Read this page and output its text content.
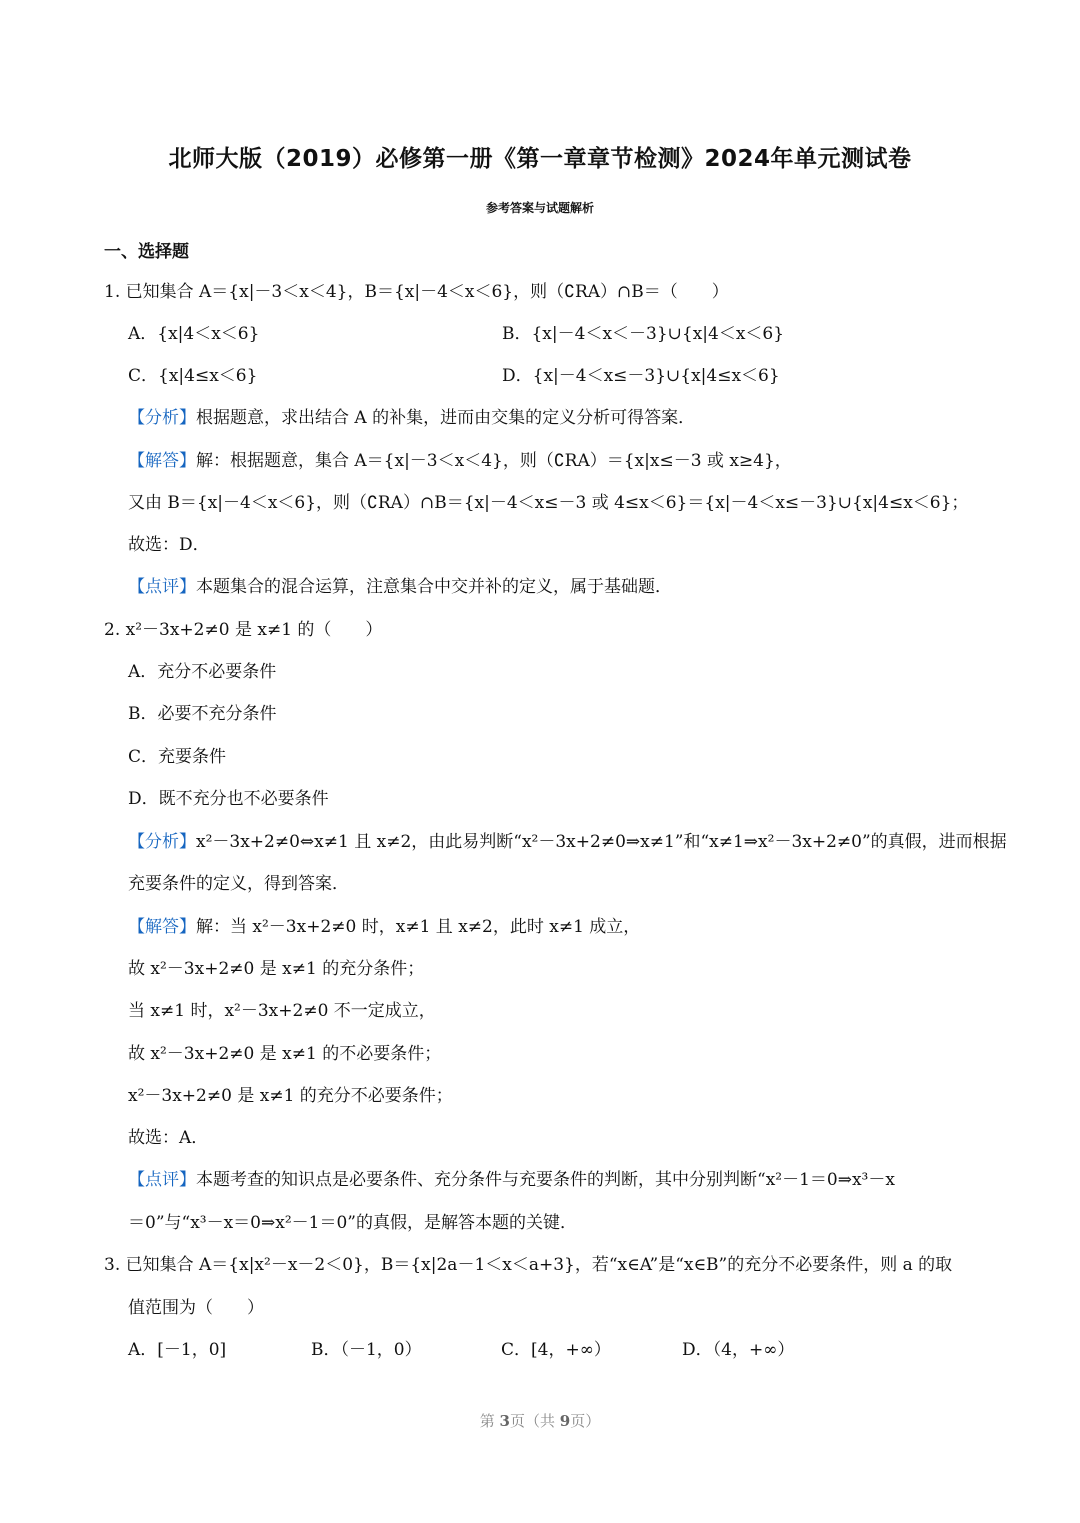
北师大版（2019）必修第一册《第一章章节检测》2024年单元测试卷
参考答案与试题解析
一、选择题
1. 已知集合 A＝{x|－3＜x＜4}，B＝{x|－4＜x＜6}，则（∁RA）∩B＝（　　）
A．{x|4＜x＜6}	B．{x|－4＜x＜－3}∪{x|4＜x＜6}
C．{x|4≤x＜6}	D．{x|－4＜x≤－3}∪{x|4≤x＜6}
【分析】根据题意，求出结合 A 的补集，进而由交集的定义分析可得答案．
【解答】解：根据题意，集合 A＝{x|－3＜x＜4}，则（∁RA）＝{x|x≤－3 或 x≥4}，
又由 B＝{x|－4＜x＜6}，则（∁RA）∩B＝{x|－4＜x≤－3 或 4≤x＜6}＝{x|－4＜x≤－3}∪{x|4≤x＜6}；
故选：D．
【点评】本题集合的混合运算，注意集合中交并补的定义，属于基础题．
2. x²－3x+2≠0 是 x≠1 的（　　）
A．充分不必要条件
B．必要不充分条件
C．充要条件
D．既不充分也不必要条件
【分析】x²－3x+2≠0⇔x≠1 且 x≠2，由此易判断“x²－3x+2≠0⇒x≠1”和“x≠1⇒x²－3x+2≠0”的真假，进而根据
充要条件的定义，得到答案．
【解答】解：当 x²－3x+2≠0 时，x≠1 且 x≠2，此时 x≠1 成立，
故 x²－3x+2≠0 是 x≠1 的充分条件；
当 x≠1 时，x²－3x+2≠0 不一定成立，
故 x²－3x+2≠0 是 x≠1 的不必要条件；
x²－3x+2≠0 是 x≠1 的充分不必要条件；
故选：A．
【点评】本题考查的知识点是必要条件、充分条件与充要条件的判断，其中分别判断“x²－1＝0⇒x³－x
＝0”与“x³－x＝0⇒x²－1＝0”的真假，是解答本题的关键．
3. 已知集合 A＝{x|x²－x－2＜0}，B＝{x|2a－1＜x＜a+3}，若“x∈A”是“x∈B”的充分不必要条件，则 a 的取
值范围为（　　）
A．[－1，0]	B．（－1，0）	C．[4，+∞）	D．（4，+∞）
第 3页（共 9页）
